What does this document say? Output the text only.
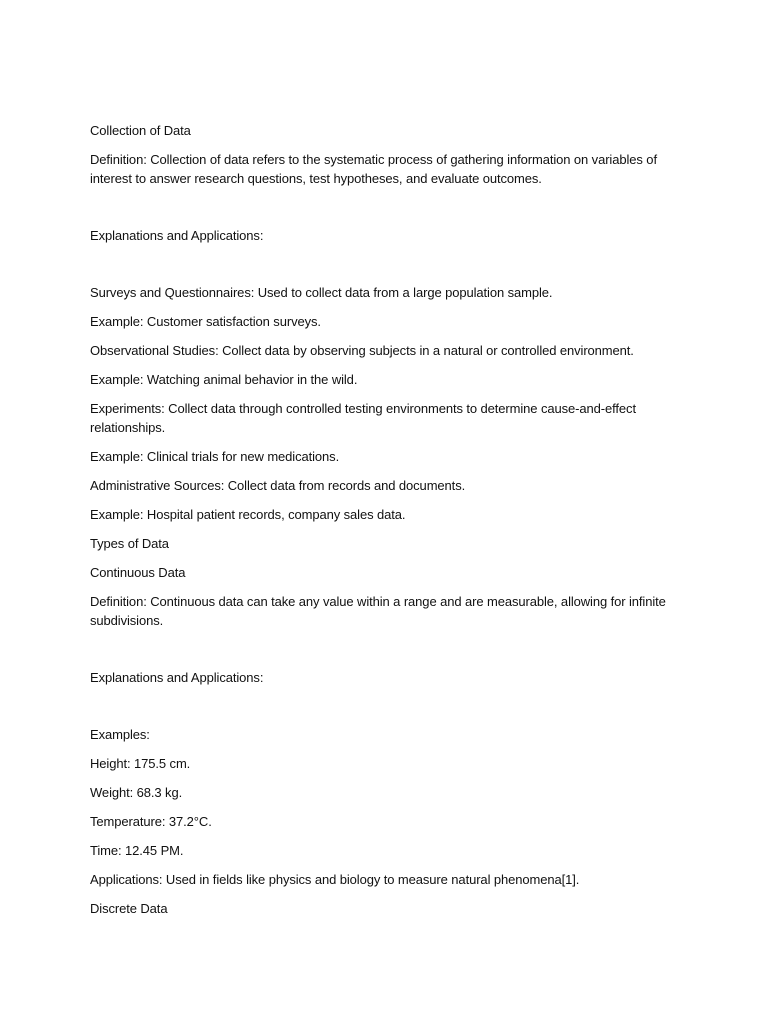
Collection of Data

Definition: Collection of data refers to the systematic process of gathering information on variables of interest to answer research questions, test hypotheses, and evaluate outcomes.

Explanations and Applications:

Surveys and Questionnaires: Used to collect data from a large population sample.

Example: Customer satisfaction surveys.

Observational Studies: Collect data by observing subjects in a natural or controlled environment.

Example: Watching animal behavior in the wild.

Experiments: Collect data through controlled testing environments to determine cause-and-effect relationships.

Example: Clinical trials for new medications.

Administrative Sources: Collect data from records and documents.

Example: Hospital patient records, company sales data.

Types of Data

Continuous Data

Definition: Continuous data can take any value within a range and are measurable, allowing for infinite subdivisions.

Explanations and Applications:

Examples:

Height: 175.5 cm.

Weight: 68.3 kg.

Temperature: 37.2°C.

Time: 12.45 PM.

Applications: Used in fields like physics and biology to measure natural phenomena[1].

Discrete Data
